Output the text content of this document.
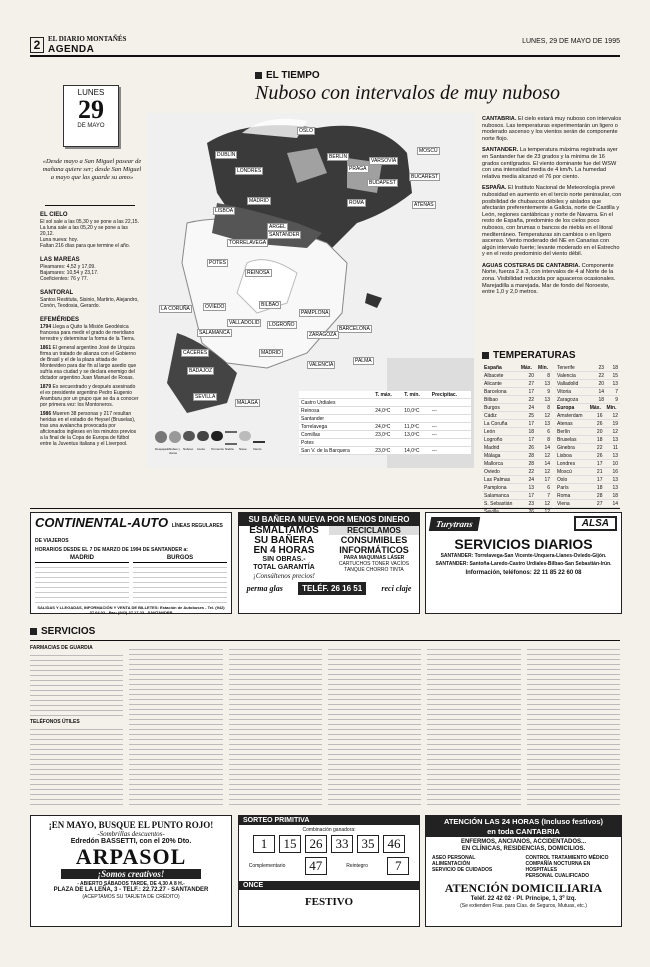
2	EL DIARIO MONTAÑÉS
AGENDA
LUNES, 29 DE MAYO DE 1995
LUNES
29
DE MAYO
«Desde mayo a San Miguel pasear de mañana quiere ser; desde San Miguel a mayo que las guarde su amo»
EL CIELO
El sol sale a las 05,30 y se pone a las 22,15.
La luna sale a las 05,20 y se pone a las 20,12.
Luna nueva: hoy.
Faltan 216 días para que termine el año.
LAS MAREAS
Pleamares: 4,52 y 17,09.
Bajamares: 10,54 y 23,17.
Coeficientes: 76 y 77.
SANTORAL
Santos Restituta, Sisinio, Martirio, Alejandro, Conón, Teodosia, Gerardo.
EFEMÉRIDES
1794 Llega a Quito la Misión Geodésica francesa para medir el grado de meridiano terrestre y determinar la forma de la Tierra.
1861 El general argentino José de Urquiza firma un tratado de alianza con el Gobierno de Brasil y el de la plaza sitiada de Montevideo para dar fin al largo asedio que sufría esa ciudad y se declara enemigo del dictador argentino Juan Manuel de Rosas.
1879 Es secuestrado y después asesinado el ex presidente argentino Pedro Eugenio Aramburu por un grupo que se da a conocer por primera vez: los Montoneros.
1986 Mueren 38 personas y 217 resultan heridas en el estadio de Heysel (Bruselas), tras una avalancha provocada por aficionados ingleses en los minutos previos a la final de la Copa de Europa de fútbol entre la Juventus italiana y el Liverpool.
EL TIEMPO
Nuboso con intervalos de muy nuboso
OSLO
MOSCÚ
DUBLÍN
LONDRES
BERLÍN
PRAGA
VARSOVIA
BUDAPEST
BUCAREST
LISBOA
MADRID	ROMA	ATENAS
ARGEL
SANTANDER
TORRELAVEGA
POTES
REINOSA
LA CORUÑA	OVIEDO	BILBAO
PAMPLONA
BARCELONA
LOGROÑO
VALLADOLID
ZARAGOZA
SALAMANCA
MADRID
VALENCIA
BADAJOZ
PALMA
SEVILLA
MÁLAGA
CÁCERES
Despejado Nubes y claros
Nuboso	Lluvia	Tormenta Niebla	Nieve	Viento
	T. máx.	T. mín.	Precipitac.
Castro Urdiales			
Reinosa	24,0ºC	10,0ºC	---
Santander			
Torrelavega	24,0ºC	11,0ºC	---
Comillas	23,0ºC	13,0ºC	---
Potes			
San V. de la Barquera	23,0ºC	14,0ºC	---

CANTABRIA. El cielo estará muy nuboso con intervalos nubosos. Las temperaturas experimentarán un ligero o moderado ascenso y los vientos serán de componente norte flojo.

SANTANDER. La temperatura máxima registrada ayer en Santander fue de 23 grados y la mínima de 16 grados centígrados. El viento dominante fue del WSW con una intensidad media de 4 km/h. La humedad relativa media alcanzó el 76 por ciento.

ESPAÑA. El Instituto Nacional de Meteorología prevé nubosidad en aumento en el tercio norte peninsular, con posibilidad de chubascos débiles y aislados que afectarán preferentemente a Galicia, norte de Castilla y León, regiones cantábricas y norte de Navarra. En el resto de España, predominio de los cielos poco nubosos, con brumas o bancos de niebla en el litoral mediterráneo. Temperaturas sin cambios o en ligero ascenso. Viento moderado del NE en Canarias con algún intervalo fuerte; levante moderado en el Estrecho y en el resto predominio del viento débil.

AGUAS COSTERAS DE CANTABRIA. Componente Norte, fuerza 2 a 3, con intervalos de 4 al Norte de la zona. Visibilidad reducida por aguaceros ocasionales. Marejadilla a marejada. Mar de fondo del Noroeste, entre 1,0 y 2,0 metros.

TEMPERATURAS
España	Máx.	Mín.
Albacete	20	8
Alicante	27	13
Barcelona	17	9
Bilbao	22	13
Burgos	24	8
Cádiz	25	12
La Coruña	17	13
León	18	6
Logroño	17	8
Madrid	26	14
Málaga	28	12
Mallorca	28	14
Oviedo	22	12
Las Palmas	24	17
Pamplona	13	6
Salamanca	17	7
S. Sebastián	23	12

Tenerife	23	18
Valencia	22	15
Valladolid	20	13
Vitoria	14	7
Zaragoza	18	9
Europa	Máx.	Mín.
Amsterdam	16	12
Atenas	26	19
Berlín	20	12
Bruselas	18	13
Ginebra	22	11
Lisboa	26	13
Londres	17	10
Moscú	21	16
Oslo	17	13
París	18	13
Roma	28	18
Viena	27	14
CONTINENTAL-AUTO LÍNEAS REGULARES DE VIAJEROS
HORARIOS DESDE EL 7 DE MARZO DE 1994 DE SANTANDER a:
MADRID	BURGOS
SALIDAS Y LLEGADAS, INFORMACIÓN Y VENTA DE BILLETES: Estación de Autobuses - Tel. (942) 37 04 02 - Fax: (942) 37 17 23 - SANTANDER
SU BAÑERA NUEVA POR MENOS DINERO
ESMALTAMOS
SU BAÑERA
EN 4 HORAS
SIN OBRAS.-
TOTAL GARANTÍA
¡Consúltenos precios!
RECICLAMOS
CONSUMIBLES
INFORMÁTICOS
PARA MAQUINAS LÁSER
CARTUCHOS TONER VACÍOS
TANQUE CHORRO TINTA
perma glas	TELÉF. 26 16 51	reci claje
Turytrans	ALSA
SERVICIOS DIARIOS
SANTANDER: Torrelavega-San Vicente-Unquera-Llanes-Oviedo-Gijón.
SANTANDER: Santoña-Laredo-Castro Urdiales-Bilbao-San Sebastián-Irún.
Información, teléfonos: 22 11 85 22 60 08
SERVICIOS
FARMACIAS DE GUARDIA
TELÉFONOS ÚTILES
¡EN MAYO, BUSQUE EL PUNTO ROJO!
-Sombrillas descuentos-
Edredón BASSETTI, con el 20% Dto.
ARPASOL
¡Somos creativos!
- ABIERTO SÁBADOS TARDE, DE 4,30 A 8 H.-
PLAZA DE LA LEÑA, 3 - TELF.: 22.72.27 - SANTANDER
(ACEPTAMOS SU TARJETA DE CRÉDITO)
SORTEO PRIMITIVA
Combinación ganadora:
1	15	26	33	35	46
Complementario	47	Reintegro	7
ONCE
FESTIVO
ATENCIÓN LAS 24 HORAS (Incluso festivos)
en toda CANTABRIA
ENFERMOS, ANCIANOS, ACCIDENTADOS...
EN CLÍNICAS, RESIDENCIAS, DOMICILIOS.
ASEO PERSONAL
ALIMENTACIÓN
SERVICIO DE CUIDADOS
CONTROL TRATAMIENTO MÉDICO
COMPAÑÍA NOCTURNA EN HOSPITALES
PERSONAL CUALIFICADO
ATENCIÓN DOMICILIARIA
Teléf. 22 42 02 · Pl. Príncipe, 1, 3º Izq.
(Se extienden Fras. para Cías. de Seguros, Mutuas, etc.)
